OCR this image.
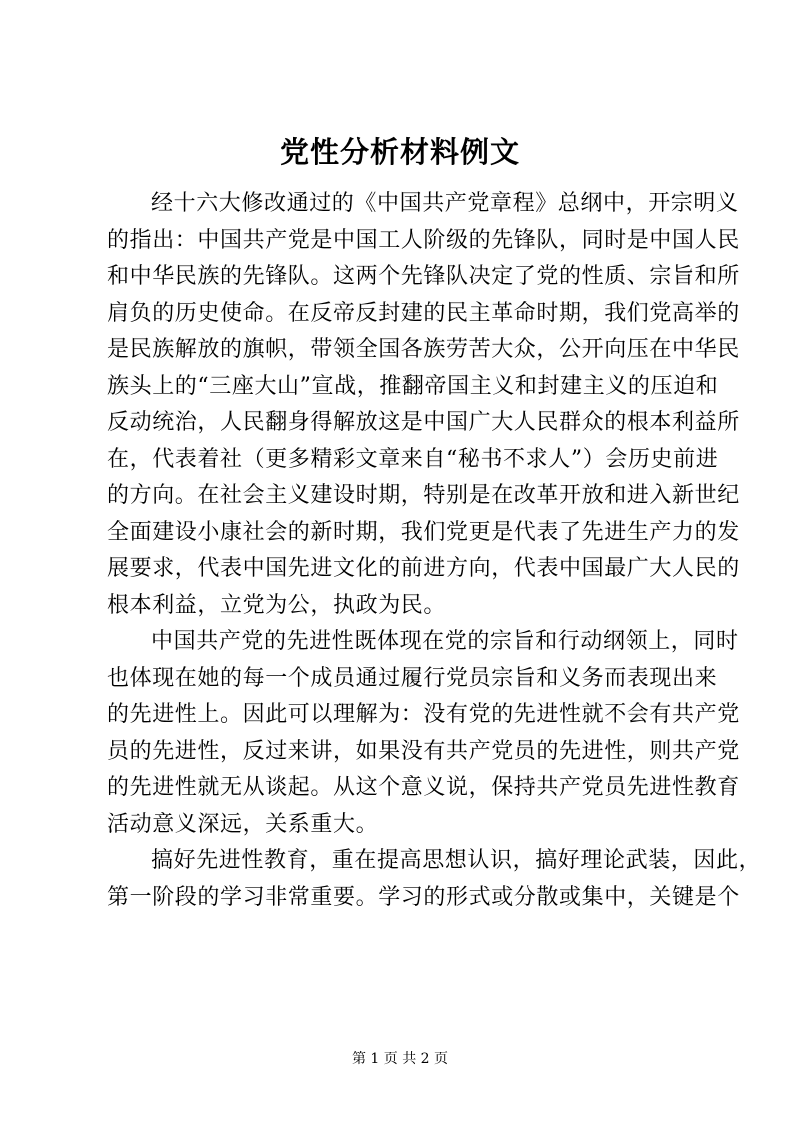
党性分析材料例文

经十六大修改通过的《中国共产党章程》总纲中，开宗明义
的指出：中国共产党是中国工人阶级的先锋队，同时是中国人民
和中华民族的先锋队。这两个先锋队决定了党的性质、宗旨和所
肩负的历史使命。在反帝反封建的民主革命时期，我们党高举的
是民族解放的旗帜，带领全国各族劳苦大众，公开向压在中华民
族头上的“三座大山”宣战，推翻帝国主义和封建主义的压迫和
反动统治，人民翻身得解放这是中国广大人民群众的根本利益所
在，代表着社（更多精彩文章来自“秘书不求人”）会历史前进
的方向。在社会主义建设时期，特别是在改革开放和进入新世纪
全面建设小康社会的新时期，我们党更是代表了先进生产力的发
展要求，代表中国先进文化的前进方向，代表中国最广大人民的
根本利益，立党为公，执政为民。

中国共产党的先进性既体现在党的宗旨和行动纲领上，同时
也体现在她的每一个成员通过履行党员宗旨和义务而表现出来
的先进性上。因此可以理解为：没有党的先进性就不会有共产党
员的先进性，反过来讲，如果没有共产党员的先进性，则共产党
的先进性就无从谈起。从这个意义说，保持共产党员先进性教育
活动意义深远，关系重大。

搞好先进性教育，重在提高思想认识，搞好理论武装，因此，
第一阶段的学习非常重要。学习的形式或分散或集中，关键是个

第 1 页 共 2 页
